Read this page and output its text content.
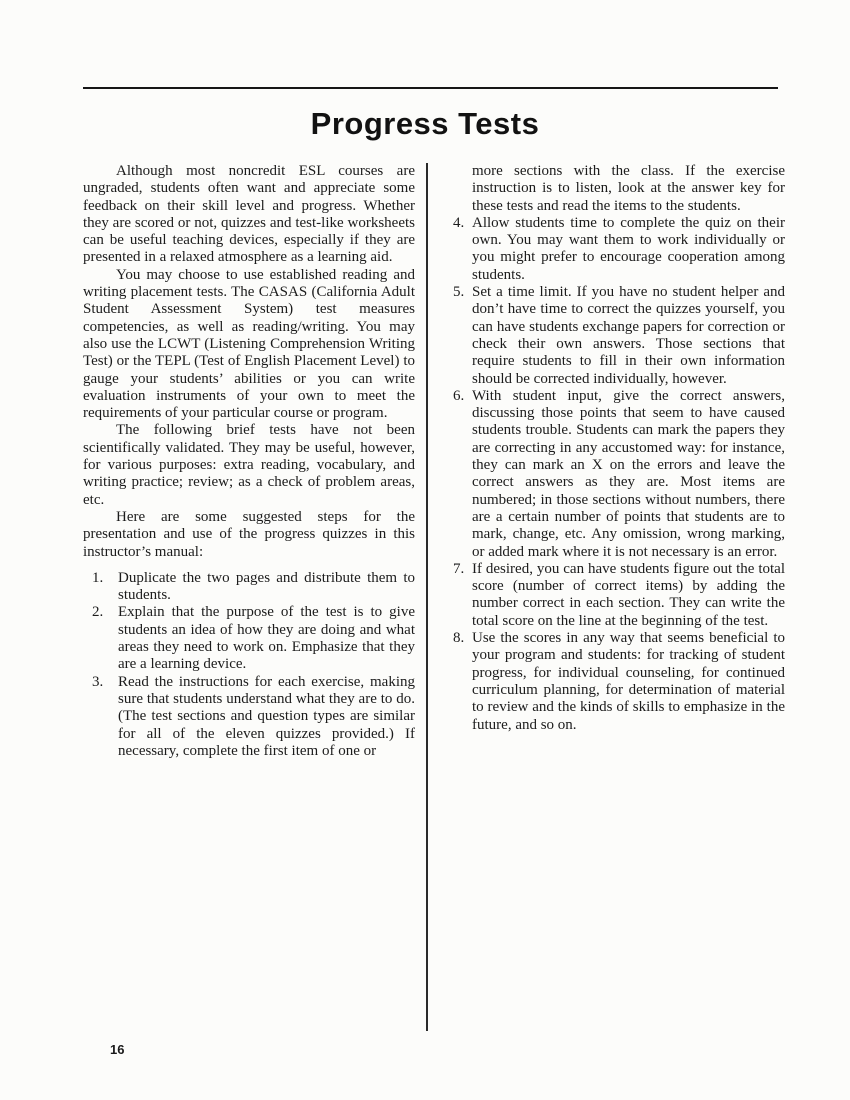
Progress Tests

Although most noncredit ESL courses are ungraded, students often want and appreciate some feedback on their skill level and progress. Whether they are scored or not, quizzes and test-like worksheets can be useful teaching devices, especially if they are presented in a relaxed atmosphere as a learning aid.

You may choose to use established reading and writing placement tests. The CASAS (California Adult Student Assessment System) test measures competencies, as well as reading/writing. You may also use the LCWT (Listening Comprehension Writing Test) or the TEPL (Test of English Placement Level) to gauge your students’ abilities or you can write evaluation instruments of your own to meet the requirements of your particular course or program.

The following brief tests have not been scientifically validated. They may be useful, however, for various purposes: extra reading, vocabulary, and writing practice; review; as a check of problem areas, etc.

Here are some suggested steps for the presentation and use of the progress quizzes in this instructor’s manual:

1. Duplicate the two pages and distribute them to students.
2. Explain that the purpose of the test is to give students an idea of how they are doing and what areas they need to work on. Emphasize that they are a learning device.
3. Read the instructions for each exercise, making sure that students understand what they are to do. (The test sections and question types are similar for all of the eleven quizzes provided.) If necessary, complete the first item of one or

more sections with the class. If the exercise instruction is to listen, look at the answer key for these tests and read the items to the students.

4. Allow students time to complete the quiz on their own. You may want them to work individually or you might prefer to encourage cooperation among students.
5. Set a time limit. If you have no student helper and don’t have time to correct the quizzes yourself, you can have students exchange papers for correction or check their own answers. Those sections that require students to fill in their own information should be corrected individually, however.
6. With student input, give the correct answers, discussing those points that seem to have caused students trouble. Students can mark the papers they are correcting in any accustomed way: for instance, they can mark an X on the errors and leave the correct answers as they are. Most items are numbered; in those sections without numbers, there are a certain number of points that students are to mark, change, etc. Any omission, wrong marking, or added mark where it is not necessary is an error.
7. If desired, you can have students figure out the total score (number of correct items) by adding the number correct in each section. They can write the total score on the line at the beginning of the test.
8. Use the scores in any way that seems beneficial to your program and students: for tracking of student progress, for individual counseling, for continued curriculum planning, for determination of material to review and the kinds of skills to emphasize in the future, and so on.
16
